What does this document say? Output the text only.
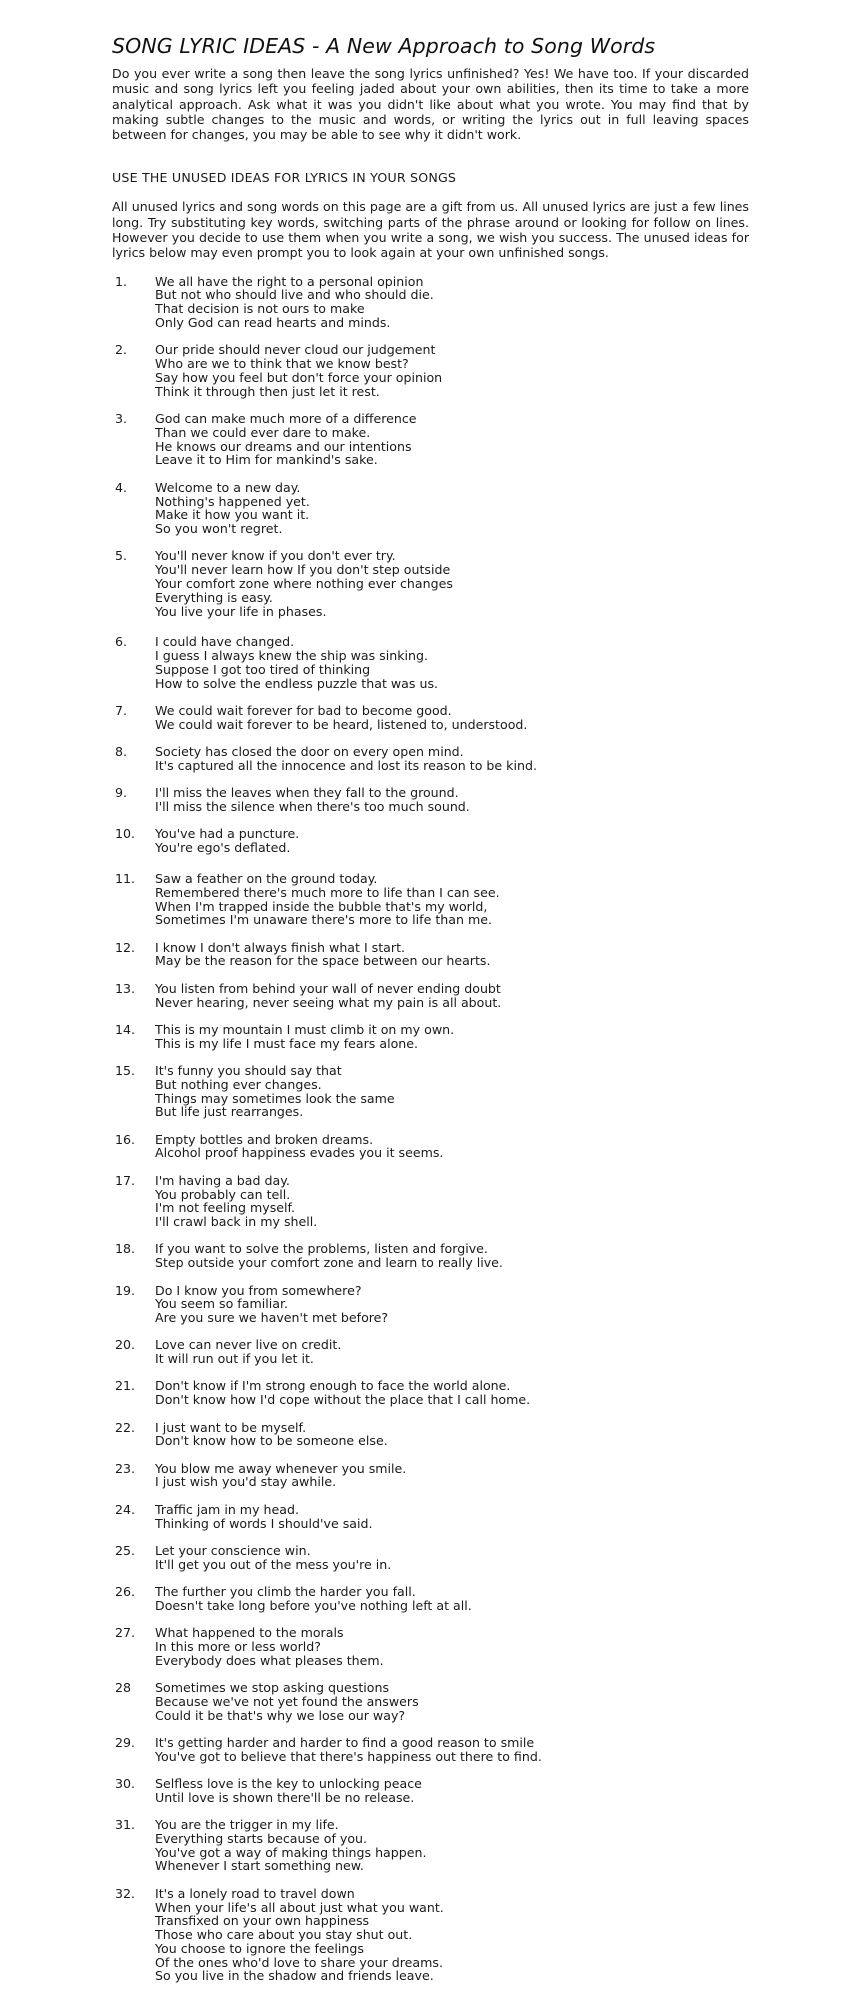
SONG LYRIC IDEAS - A New Approach to Song Words

Do you ever write a song then leave the song lyrics unfinished? Yes! We have too. If your discarded music and song lyrics left you feeling jaded about your own abilities, then its time to take a more analytical approach. Ask what it was you didn't like about what you wrote. You may find that by making subtle changes to the music and words, or writing the lyrics out in full leaving spaces between for changes, you may be able to see why it didn't work.

USE THE UNUSED IDEAS FOR LYRICS IN YOUR SONGS

All unused lyrics and song words on this page are a gift from us. All unused lyrics are just a few lines long. Try substituting key words, switching parts of the phrase around or looking for follow on lines. However you decide to use them when you write a song, we wish you success. The unused ideas for lyrics below may even prompt you to look again at your own unfinished songs.

1.	We all have the right to a personal opinion
But not who should live and who should die.
That decision is not ours to make
Only God can read hearts and minds.
2.	Our pride should never cloud our judgement
Who are we to think that we know best?
Say how you feel but don't force your opinion
Think it through then just let it rest.
3.	God can make much more of a difference
Than we could ever dare to make.
He knows our dreams and our intentions
Leave it to Him for mankind's sake.
4.	Welcome to a new day.
Nothing's happened yet.
Make it how you want it.
So you won't regret.
5.	You'll never know if you don't ever try.
You'll never learn how If you don't step outside
Your comfort zone where nothing ever changes
Everything is easy.
You live your life in phases.
6.	I could have changed.
I guess I always knew the ship was sinking.
Suppose I got too tired of thinking
How to solve the endless puzzle that was us.
7.	We could wait forever for bad to become good.
We could wait forever to be heard, listened to, understood.
8.	Society has closed the door on every open mind.
It's captured all the innocence and lost its reason to be kind.
9.	I'll miss the leaves when they fall to the ground.
I'll miss the silence when there's too much sound.
10.	You've had a puncture.
You're ego's deflated.
11.	Saw a feather on the ground today.
Remembered there's much more to life than I can see.
When I'm trapped inside the bubble that's my world,
Sometimes I'm unaware there's more to life than me.
12.	I know I don't always finish what I start.
May be the reason for the space between our hearts.
13.	You listen from behind your wall of never ending doubt
Never hearing, never seeing what my pain is all about.
14.	This is my mountain I must climb it on my own.
This is my life I must face my fears alone.
15.	It's funny you should say that
But nothing ever changes.
Things may sometimes look the same
But life just rearranges.
16.	Empty bottles and broken dreams.
Alcohol proof happiness evades you it seems.
17.	I'm having a bad day.
You probably can tell.
I'm not feeling myself.
I'll crawl back in my shell.
18.	If you want to solve the problems, listen and forgive.
Step outside your comfort zone and learn to really live.
19.	Do I know you from somewhere?
You seem so familiar.
Are you sure we haven't met before?
20.	Love can never live on credit.
It will run out if you let it.
21.	Don't know if I'm strong enough to face the world alone.
Don't know how I'd cope without the place that I call home.
22.	I just want to be myself.
Don't know how to be someone else.
23.	You blow me away whenever you smile.
I just wish you'd stay awhile.
24.	Traffic jam in my head.
Thinking of words I should've said.
25.	Let your conscience win.
It'll get you out of the mess you're in.
26.	The further you climb the harder you fall.
Doesn't take long before you've nothing left at all.
27.	What happened to the morals
In this more or less world?
Everybody does what pleases them.
28	Sometimes we stop asking questions
Because we've not yet found the answers
Could it be that's why we lose our way?
29.	It's getting harder and harder to find a good reason to smile
You've got to believe that there's happiness out there to find.
30.	Selfless love is the key to unlocking peace
Until love is shown there'll be no release.
31.	You are the trigger in my life.
Everything starts because of you.
You've got a way of making things happen.
Whenever I start something new.
32.	It's a lonely road to travel down
When your life's all about just what you want.
Transfixed on your own happiness
Those who care about you stay shut out.
You choose to ignore the feelings
Of the ones who'd love to share your dreams.
So you live in the shadow and friends leave.
